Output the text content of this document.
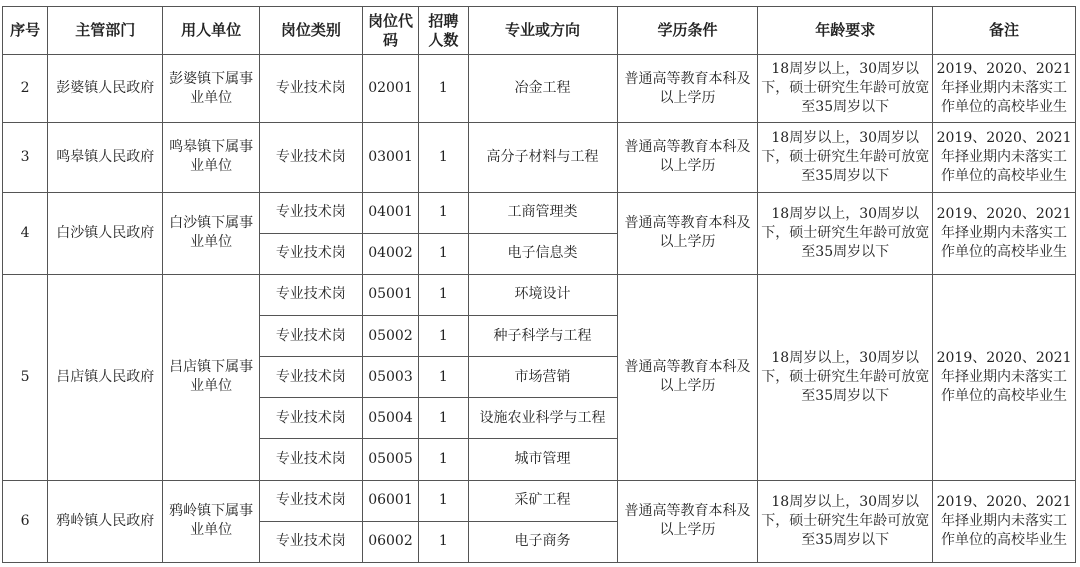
序号	主管部门	用人单位	岗位类别	岗位代码	招聘人数	专业或方向	学历条件	年龄要求	备注
2	彭婆镇人民政府	彭婆镇下属事业单位	专业技术岗	02001	1	冶金工程	普通高等教育本科及以上学历	18周岁以上，30周岁以下，硕士研究生年龄可放宽至35周岁以下	2019、2020、2021年择业期内未落实工作单位的高校毕业生
3	鸣皋镇人民政府	鸣皋镇下属事业单位	专业技术岗	03001	1	高分子材料与工程	普通高等教育本科及以上学历	18周岁以上，30周岁以下，硕士研究生年龄可放宽至35周岁以下	2019、2020、2021年择业期内未落实工作单位的高校毕业生
4	白沙镇人民政府	白沙镇下属事业单位	专业技术岗	04001	1	工商管理类	普通高等教育本科及以上学历	18周岁以上，30周岁以下，硕士研究生年龄可放宽至35周岁以下	2019、2020、2021年择业期内未落实工作单位的高校毕业生
			专业技术岗	04002	1	电子信息类			
5	吕店镇人民政府	吕店镇下属事业单位	专业技术岗	05001	1	环境设计	普通高等教育本科及以上学历	18周岁以上，30周岁以下，硕士研究生年龄可放宽至35周岁以下	2019、2020、2021年择业期内未落实工作单位的高校毕业生
			专业技术岗	05002	1	种子科学与工程			
			专业技术岗	05003	1	市场营销			
			专业技术岗	05004	1	设施农业科学与工程			
			专业技术岗	05005	1	城市管理			
6	鸦岭镇人民政府	鸦岭镇下属事业单位	专业技术岗	06001	1	采矿工程	普通高等教育本科及以上学历	18周岁以上，30周岁以下，硕士研究生年龄可放宽至35周岁以下	2019、2020、2021年择业期内未落实工作单位的高校毕业生
			专业技术岗	06002	1	电子商务			
